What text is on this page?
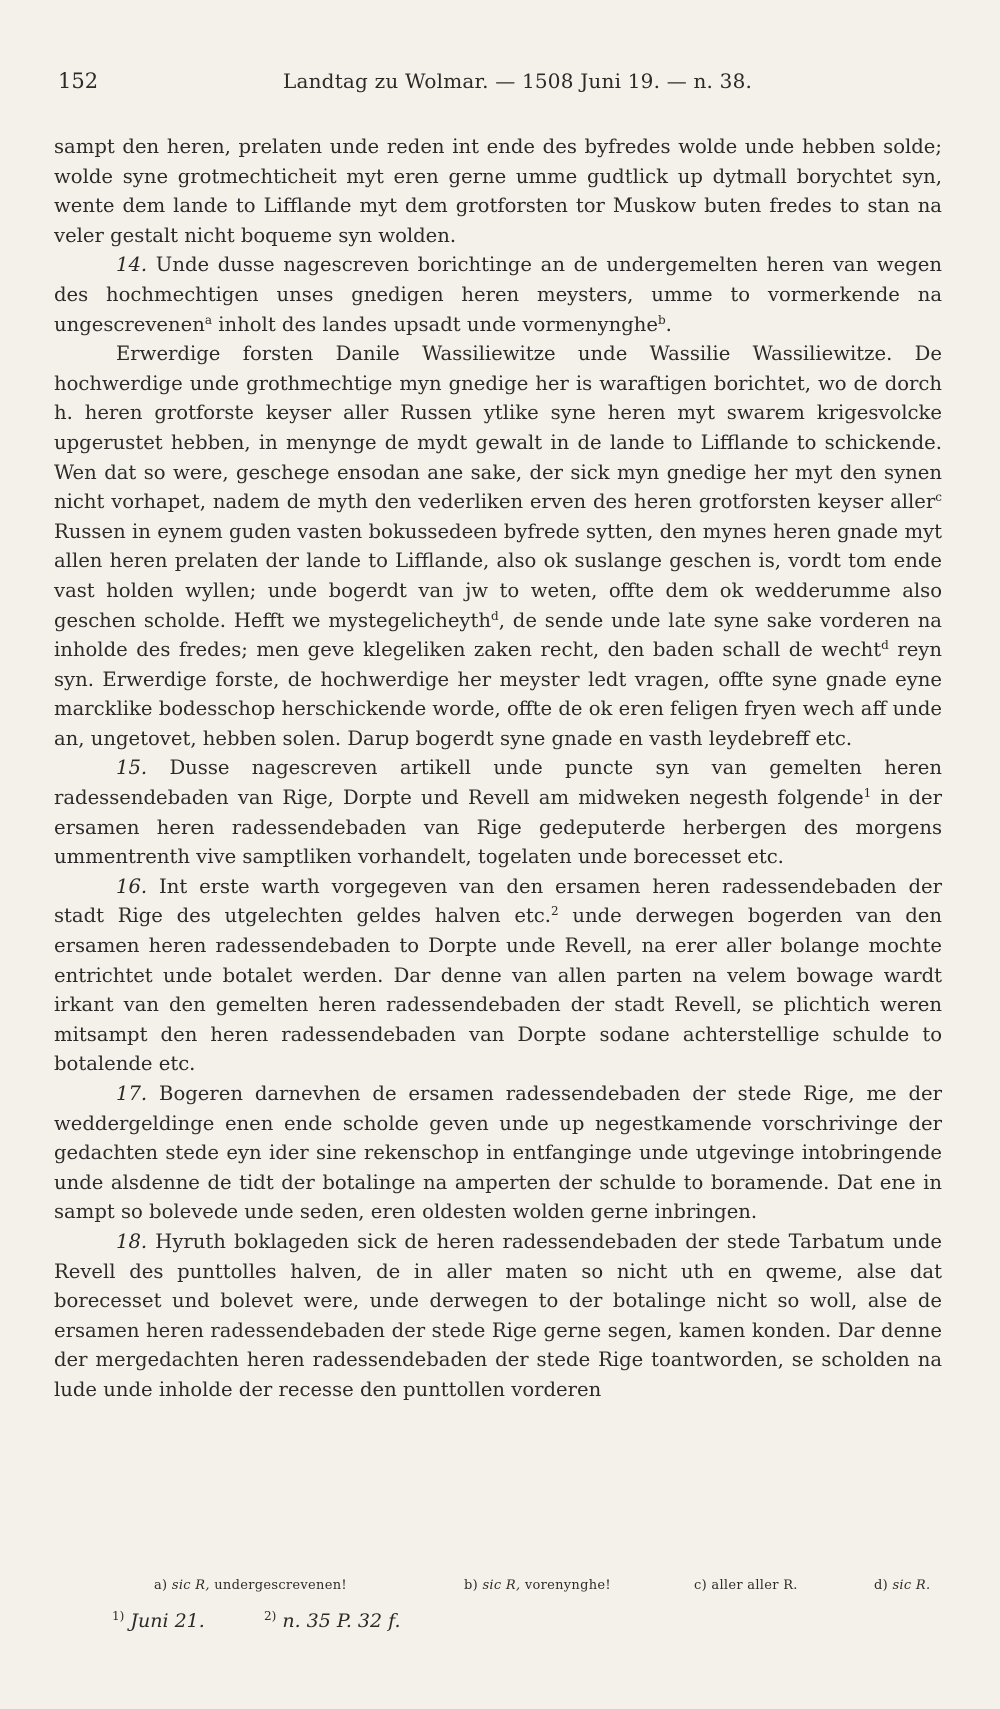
152	Landtag zu Wolmar. — 1508 Juni 19. — n. 38.

sampt den heren, prelaten unde reden int ende des byfredes wolde unde hebben solde; wolde syne grotmechticheit myt eren gerne umme gudtlick up dytmall borychtet syn, wente dem lande to Lifflande myt dem grotforsten tor Muskow buten fredes to stan na veler gestalt nicht boqueme syn wolden.

14. Unde dusse nagescreven borichtinge an de undergemelten heren van wegen des hochmechtigen unses gnedigen heren meysters, umme to vormerkende na ungescrevenen$^a$ inholt des landes upsadt unde vormenynghe$^b$.

Erwerdige forsten Danile Wassiliewitze unde Wassilie Wassiliewitze. De hochwerdige unde grothmechtige myn gnedige her is waraftigen borichtet, wo de dorch h. heren grotforste keyser aller Russen ytlike syne heren myt swarem krigesvolcke upgerustet hebben, in menynge de mydt gewalt in de lande to Lifflande to schickende. Wen dat so were, geschege ensodan ane sake, der sick myn gnedige her myt den synen nicht vorhapet, nadem de myth den vederliken erven des heren grotforsten keyser aller$^c$ Russen in eynem guden vasten bokussedeen byfrede sytten, den mynes heren gnade myt allen heren prelaten der lande to Lifflande, also ok suslange geschen is, vordt tom ende vast holden wyllen; unde bogerdt van jw to weten, offte dem ok wedderumme also geschen scholde. Hefft we mystegelicheyth$^d$, de sende unde late syne sake vorderen na inholde des fredes; men geve klegeliken zaken recht, den baden schall de wecht$^d$ reyn syn. Erwerdige forste, de hochwerdige her meyster ledt vragen, offte syne gnade eyne marcklike bodesschop herschickende worde, offte de ok eren feligen fryen wech aff unde an, ungetovet, hebben solen. Darup bogerdt syne gnade en vasth leydebreff etc.

15. Dusse nagescreven artikell unde puncte syn van gemelten heren radessendebaden van Rige, Dorpte und Revell am midweken negesth folgende$^1$ in der ersamen heren radessendebaden van Rige gedeputerde herbergen des morgens ummentrenth vive samptliken vorhandelt, togelaten unde borecesset etc.

16. Int erste warth vorgegeven van den ersamen heren radessendebaden der stadt Rige des utgelechten geldes halven etc.$^2$ unde derwegen bogerden van den ersamen heren radessendebaden to Dorpte unde Revell, na erer aller bolange mochte entrichtet unde botalet werden. Dar denne van allen parten na velem bowage wardt irkant van den gemelten heren radessendebaden der stadt Revell, se plichtich weren mitsampt den heren radessendebaden van Dorpte sodane achterstellige schulde to botalende etc.

17. Bogeren darnevhen de ersamen radessendebaden der stede Rige, me der weddergeldinge enen ende scholde geven unde up negestkamende vorschrivinge der gedachten stede eyn ider sine rekenschop in entfanginge unde utgevinge intobringende unde alsdenne de tidt der botalinge na amperten der schulde to boramende. Dat ene in sampt so bolevede unde seden, eren oldesten wolden gerne inbringen.

18. Hyruth boklageden sick de heren radessendebaden der stede Tarbatum unde Revell des punttolles halven, de in aller maten so nicht uth en qweme, alse dat borecesset und bolevet were, unde derwegen to der botalinge nicht so woll, alse de ersamen heren radessendebaden der stede Rige gerne segen, kamen konden. Dar denne der mergedachten heren radessendebaden der stede Rige toantworden, se scholden na lude unde inholde der recesse den punttollen vorderen

a) sic R, undergescrevenen!	b) sic R, vorenynghe!	c) aller aller R.	d) sic R.
$^{1)}$ Juni 21.	$^{2)}$ n. 35 P. 32 f.
